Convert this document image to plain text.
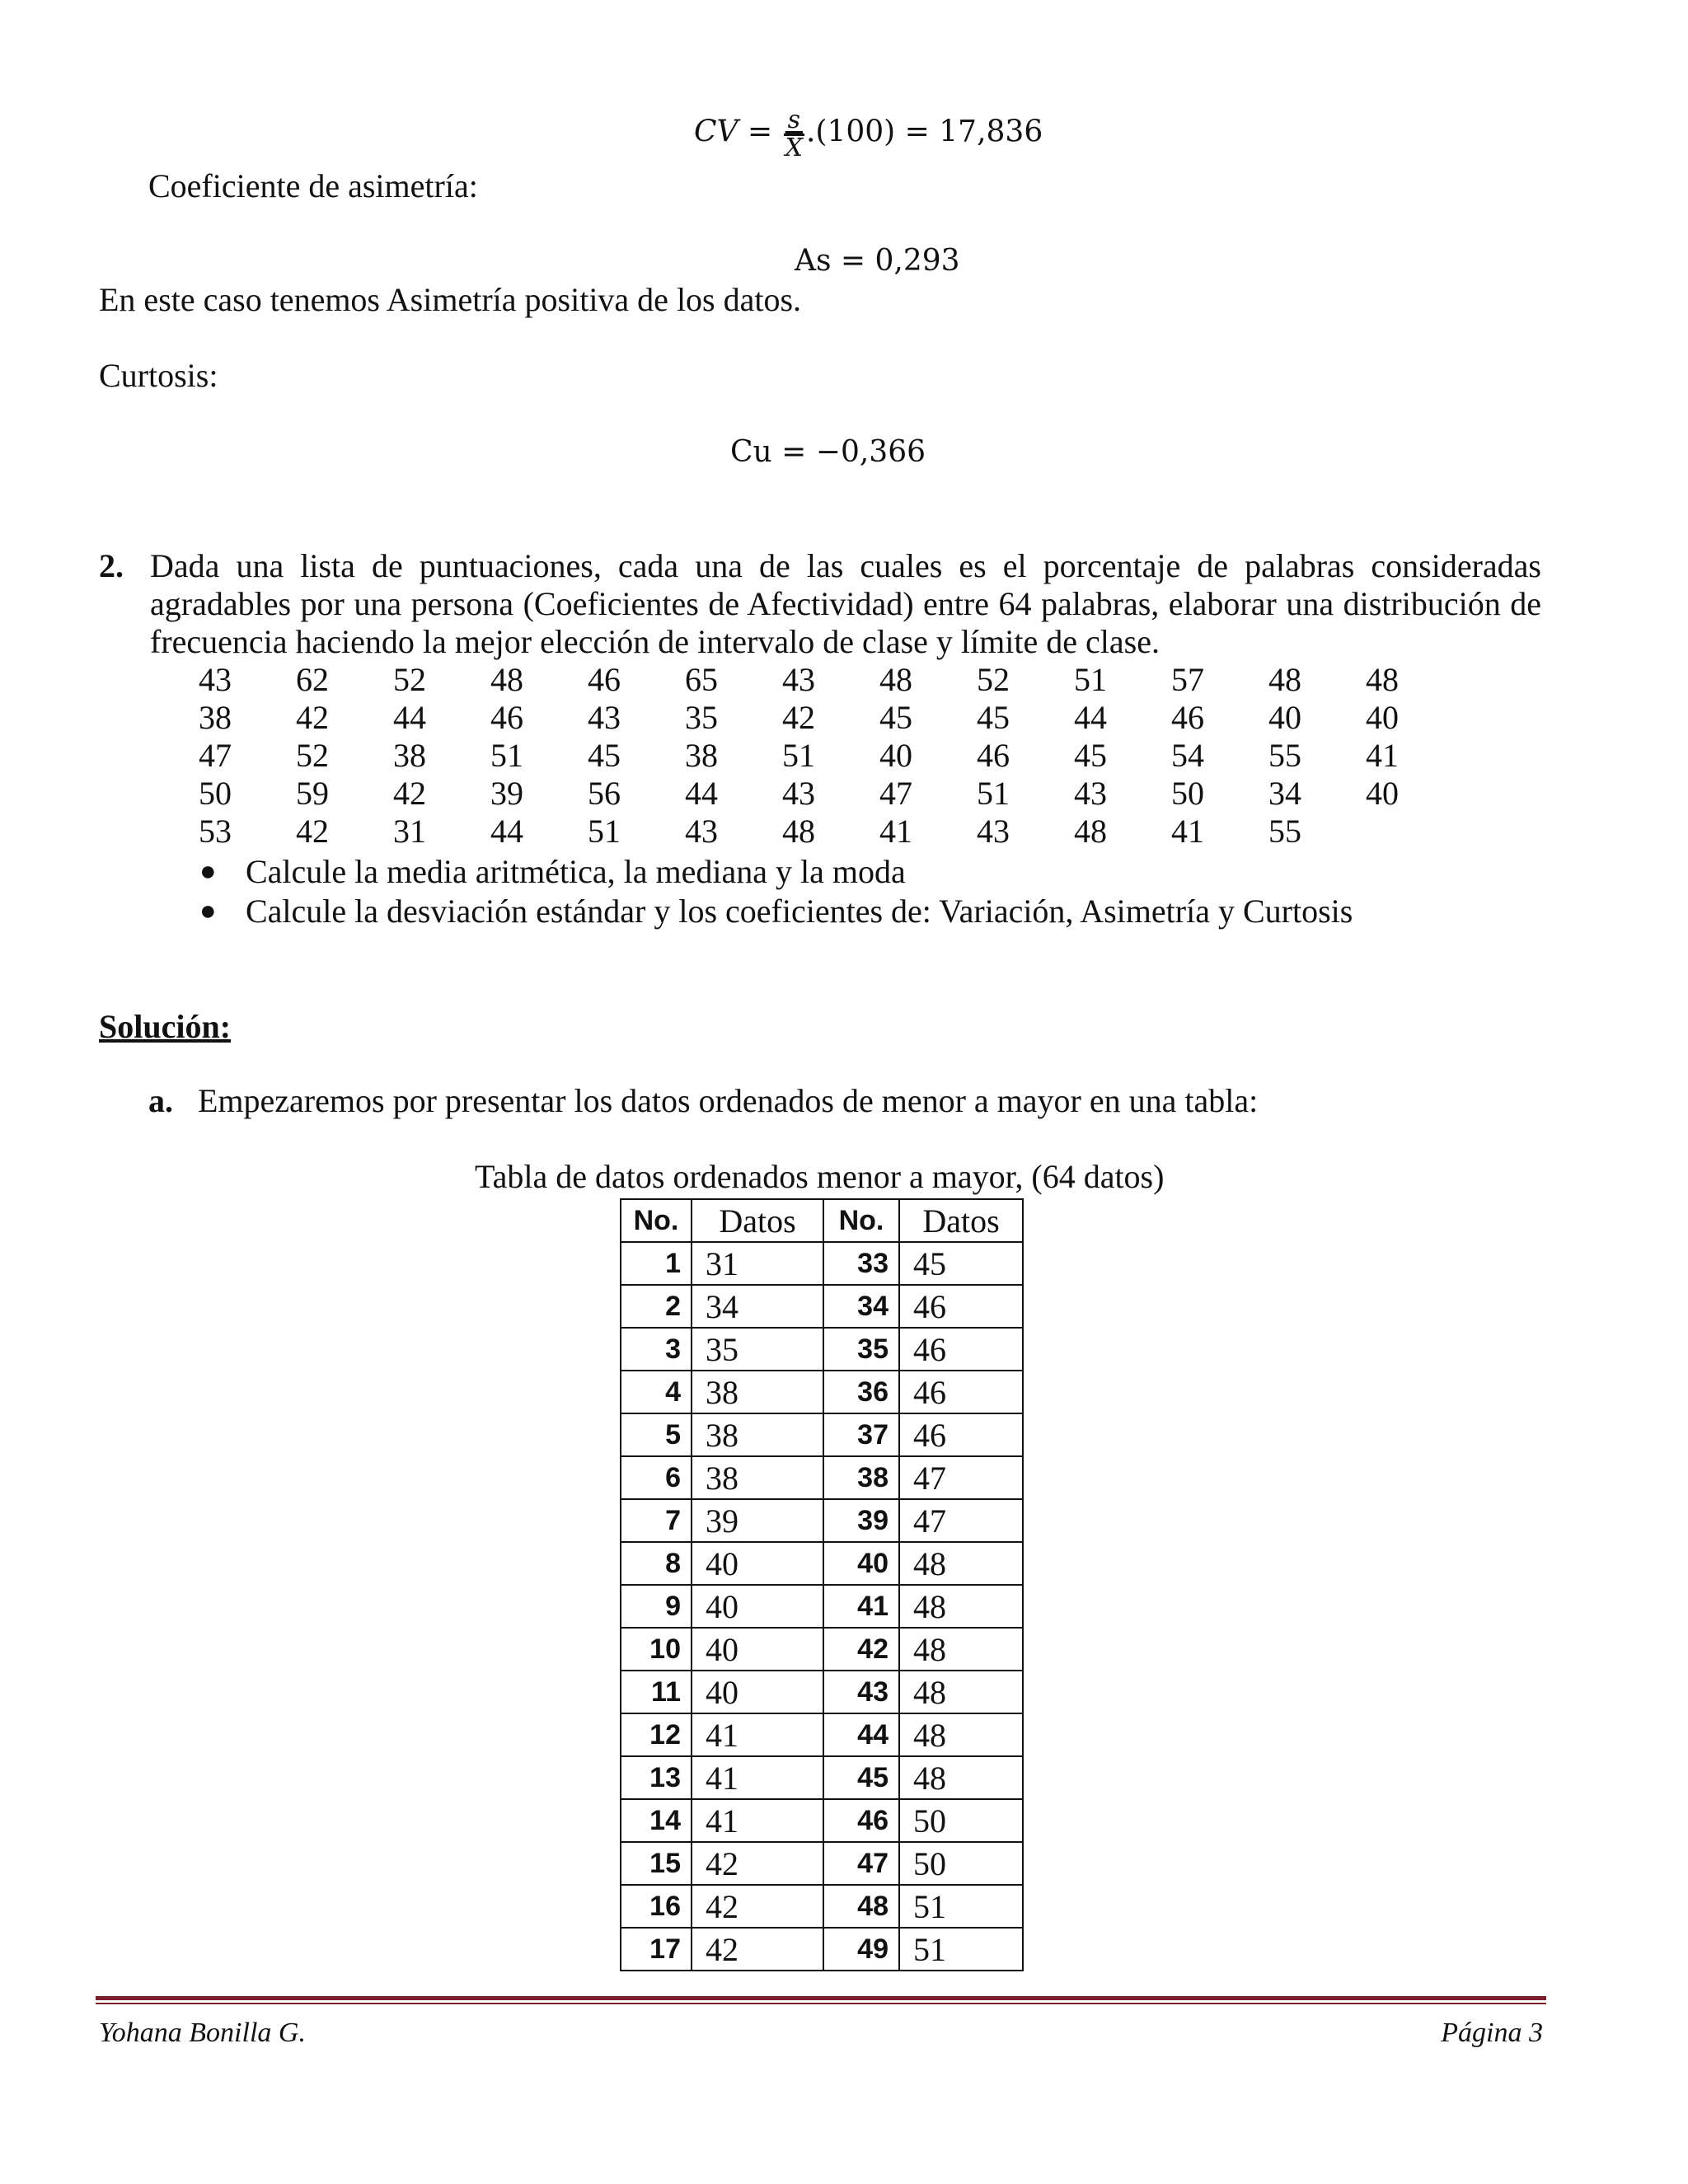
CV = $\frac{s}{X} .(100) = 17,836$
Coeficiente de asimetría:
As = 0,293
En este caso tenemos Asimetría positiva de los datos.
Curtosis:
Cu = −0,366
2. Dada una lista de puntuaciones, cada una de las cuales es el porcentaje de palabras consideradas agradables por una persona (Coeficientes de Afectividad) entre 64 palabras, elaborar una distribución de frecuencia haciendo la mejor elección de intervalo de clase y límite de clase.
43	62	52	48	46	65	43	48	52	51	57	48	48
38	42	44	46	43	35	42	45	45	44	46	40	40
47	52	38	51	45	38	51	40	46	45	54	55	41
50	59	42	39	56	44	43	47	51	43	50	34	40
53	42	31	44	51	43	48	41	43	48	41	55
● Calcule la media aritmética, la mediana y la moda
● Calcule la desviación estándar y los coeficientes de: Variación, Asimetría y Curtosis
Solución:
a. Empezaremos por presentar los datos ordenados de menor a mayor en una tabla:
Tabla de datos ordenados menor a mayor, (64 datos)
No.	Datos	No.	Datos
1	31	33	45
2	34	34	46
3	35	35	46
4	38	36	46
5	38	37	46
6	38	38	47
7	39	39	47
8	40	40	48
9	40	41	48
10	40	42	48
11	40	43	48
12	41	44	48
13	41	45	48
14	41	46	50
15	42	47	50
16	42	48	51
17	42	49	51
Yohana Bonilla G.	Página 3
